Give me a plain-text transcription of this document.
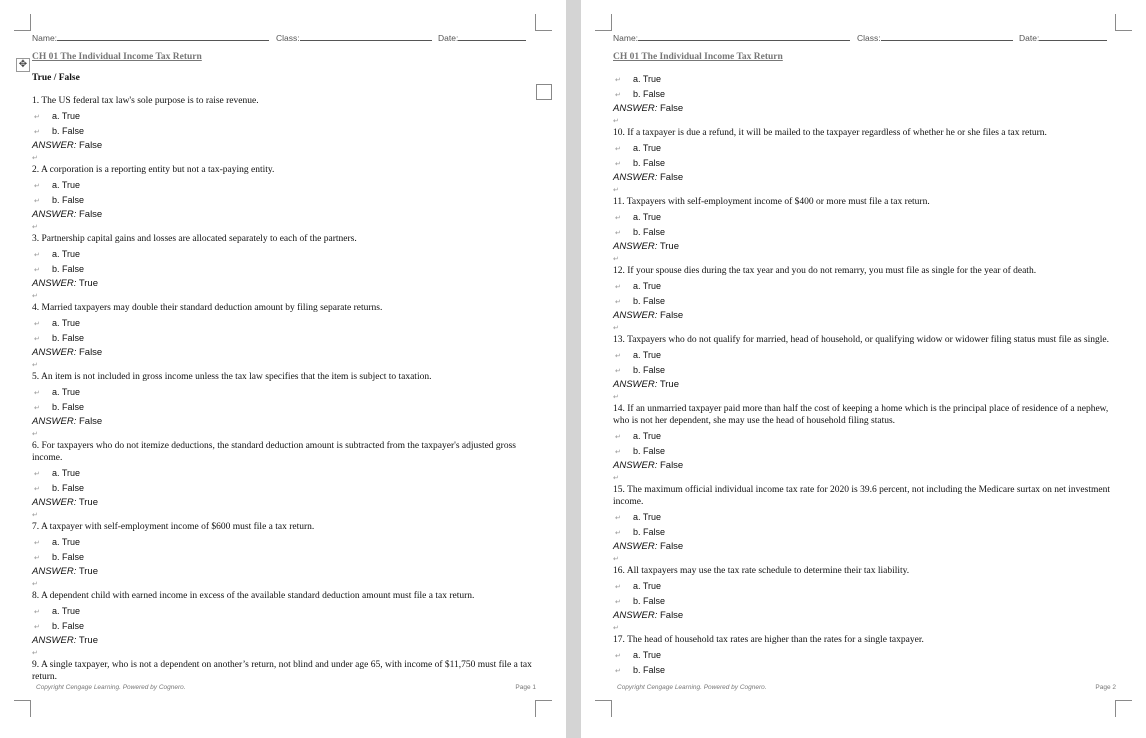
✥
Name:	Class:	Date:
CH 01 The Individual Income Tax Return
True / False
1. The US federal tax law's sole purpose is to raise revenue.
↵ a. True
↵ b. False
ANSWER: False
↵
2. A corporation is a reporting entity but not a tax-paying entity.
↵ a. True
↵ b. False
ANSWER: False
↵
3. Partnership capital gains and losses are allocated separately to each of the partners.
↵ a. True
↵ b. False
ANSWER: True
↵
4. Married taxpayers may double their standard deduction amount by filing separate returns.
↵ a. True
↵ b. False
ANSWER: False
↵
5. An item is not included in gross income unless the tax law specifies that the item is subject to taxation.
↵ a. True
↵ b. False
ANSWER: False
↵
6. For taxpayers who do not itemize deductions, the standard deduction amount is subtracted from the taxpayer's adjusted gross income.
↵ a. True
↵ b. False
ANSWER: True
↵
7. A taxpayer with self-employment income of $600 must file a tax return.
↵ a. True
↵ b. False
ANSWER: True
↵
8. A dependent child with earned income in excess of the available standard deduction amount must file a tax return.
↵ a. True
↵ b. False
ANSWER: True
↵
9. A single taxpayer, who is not a dependent on another’s return, not blind and under age 65, with income of $11,750 must file a tax return.
Copyright Cengage Learning. Powered by Cognero.	Page 1
Name:	Class:	Date:
CH 01 The Individual Income Tax Return
↵ a. True
↵ b. False
ANSWER: False
↵
10. If a taxpayer is due a refund, it will be mailed to the taxpayer regardless of whether he or she files a tax return.
↵ a. True
↵ b. False
ANSWER: False
↵
11. Taxpayers with self-employment income of $400 or more must file a tax return.
↵ a. True
↵ b. False
ANSWER: True
↵
12. If your spouse dies during the tax year and you do not remarry, you must file as single for the year of death.
↵ a. True
↵ b. False
ANSWER: False
↵
13. Taxpayers who do not qualify for married, head of household, or qualifying widow or widower filing status must file as single.
↵ a. True
↵ b. False
ANSWER: True
↵
14. If an unmarried taxpayer paid more than half the cost of keeping a home which is the principal place of residence of a nephew, who is not her dependent, she may use the head of household filing status.
↵ a. True
↵ b. False
ANSWER: False
↵
15. The maximum official individual income tax rate for 2020 is 39.6 percent, not including the Medicare surtax on net investment income.
↵ a. True
↵ b. False
ANSWER: False
↵
16. All taxpayers may use the tax rate schedule to determine their tax liability.
↵ a. True
↵ b. False
ANSWER: False
↵
17. The head of household tax rates are higher than the rates for a single taxpayer.
↵ a. True
↵ b. False
Copyright Cengage Learning. Powered by Cognero.	Page 2
